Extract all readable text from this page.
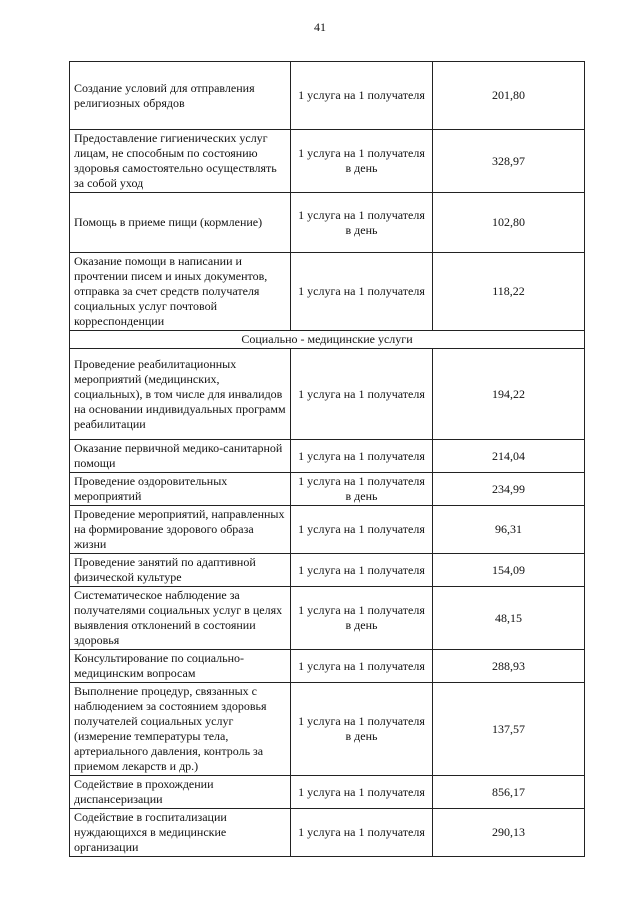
41
Создание условий для отправления религиозных обрядов	1 услуга на 1 получателя	201,80
Предоставление гигиенических услуг лицам, не способным по состоянию здоровья самостоятельно осуществлять за собой уход	1 услуга на 1 получателя в день	328,97
Помощь в приеме пищи (кормление)	1 услуга на 1 получателя в день	102,80
Оказание помощи в написании и прочтении писем и иных документов, отправка за счет средств получателя социальных услуг почтовой корреспонденции	1 услуга на 1 получателя	118,22
Социально - медицинские услуги		
Проведение реабилитационных мероприятий (медицинских, социальных), в том числе для инвалидов на основании индивидуальных программ реабилитации	1 услуга на 1 получателя	194,22
Оказание первичной медико-санитарной помощи	1 услуга на 1 получателя	214,04
Проведение оздоровительных мероприятий	1 услуга на 1 получателя в день	234,99
Проведение мероприятий, направленных на формирование здорового образа жизни	1 услуга на 1 получателя	96,31
Проведение занятий по адаптивной физической культуре	1 услуга на 1 получателя	154,09
Систематическое наблюдение за получателями социальных услуг в целях выявления отклонений в состоянии здоровья	1 услуга на 1 получателя в день	48,15
Консультирование по социально-медицинским вопросам	1 услуга на 1 получателя	288,93
Выполнение процедур, связанных с наблюдением за состоянием здоровья получателей социальных услуг (измерение температуры тела, артериального давления, контроль за приемом лекарств и др.)	1 услуга на 1 получателя в день	137,57
Содействие в прохождении диспансеризации	1 услуга на 1 получателя	856,17
Содействие в госпитализации нуждающихся в медицинские организации	1 услуга на 1 получателя	290,13
